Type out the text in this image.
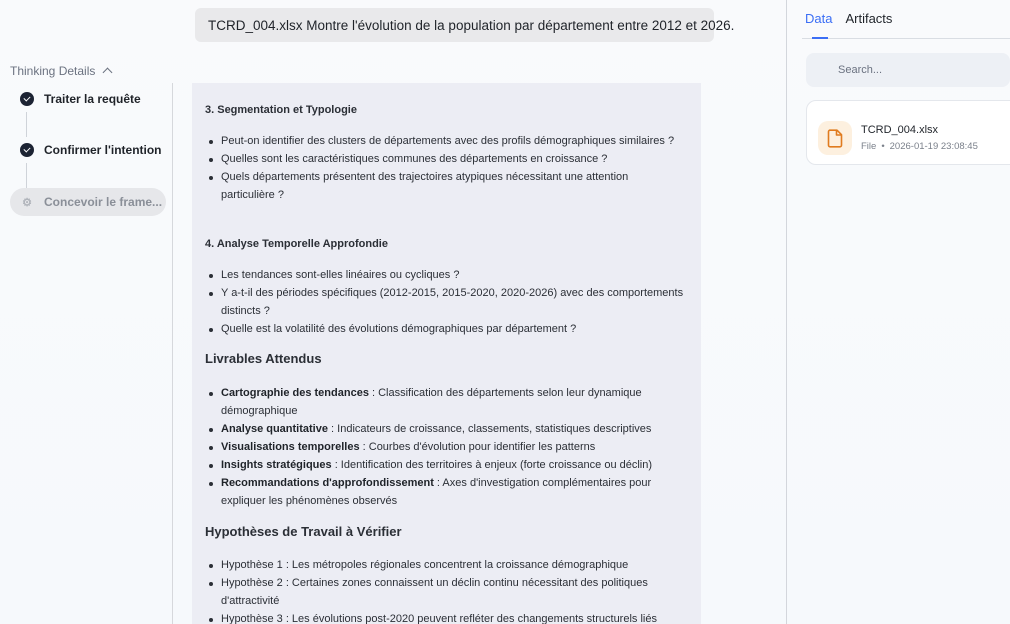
TCRD_004.xlsx Montre l'évolution de la population par département entre 2012 et 2026.
Thinking Details
Traiter la requête
Confirmer l'intention
⚙ Concevoir le frame...
3. Segmentation et Typologie
Peut-on identifier des clusters de départements avec des profils démographiques similaires ?
Quelles sont les caractéristiques communes des départements en croissance ?
Quels départements présentent des trajectoires atypiques nécessitant une attention particulière ?
4. Analyse Temporelle Approfondie
Les tendances sont-elles linéaires ou cycliques ?
Y a-t-il des périodes spécifiques (2012-2015, 2015-2020, 2020-2026) avec des comportements distincts ?
Quelle est la volatilité des évolutions démographiques par département ?
Livrables Attendus
Cartographie des tendances : Classification des départements selon leur dynamique démographique
Analyse quantitative : Indicateurs de croissance, classements, statistiques descriptives
Visualisations temporelles : Courbes d'évolution pour identifier les patterns
Insights stratégiques : Identification des territoires à enjeux (forte croissance ou déclin)
Recommandations d'approfondissement : Axes d'investigation complémentaires pour expliquer les phénomènes observés
Hypothèses de Travail à Vérifier
Hypothèse 1 : Les métropoles régionales concentrent la croissance démographique
Hypothèse 2 : Certaines zones connaissent un déclin continu nécessitant des politiques d'attractivité
Hypothèse 3 : Les évolutions post-2020 peuvent refléter des changements structurels liés
Data Artifacts
Search...
TCRD_004.xlsx
File • 2026-01-19 23:08:45
